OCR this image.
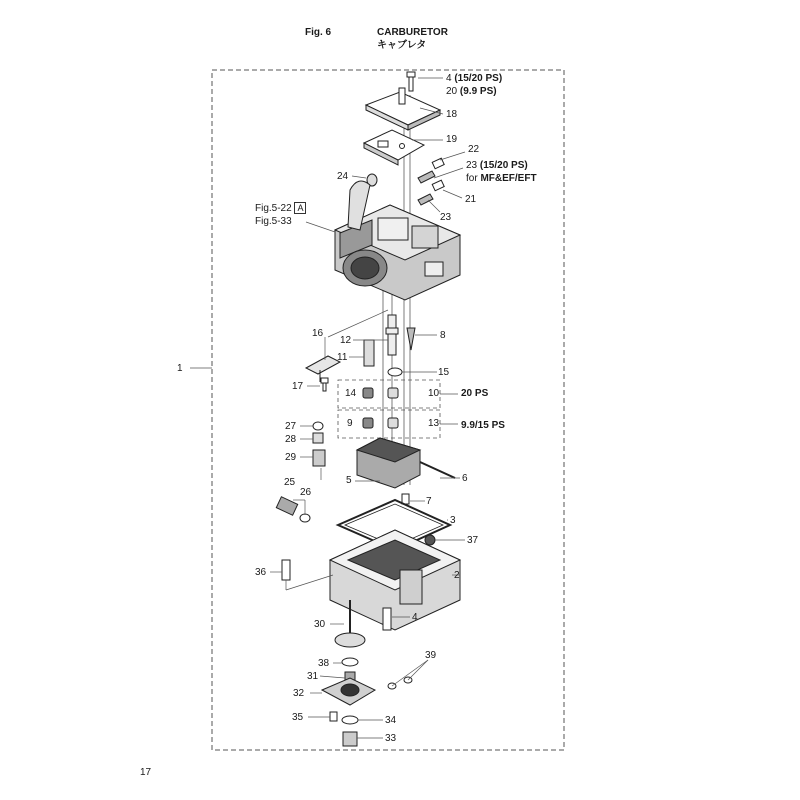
Fig. 6	CARBURETOR
キャブレタ
4 (15/20 PS)
20 (9.9 PS)
18
19
22
23 (15/20 PS)
for MF&EF/EFT
24
21
23
Fig.5-22 A
Fig.5-33
16
12	8
11
15
1
17
14	10 20 PS
27
28
9	13 9.9/15 PS
29
5	6
25
26
7
3
37
36	2
30
4
38
39
31
32
35	34
33
17
